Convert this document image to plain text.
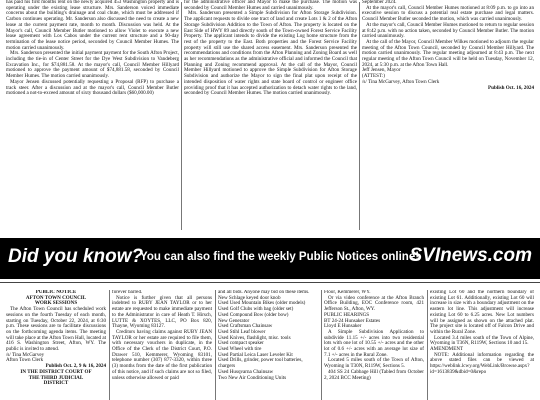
has paid his first months rent on the newly acquired 453 Washington property and is operating under the existing lease structure. Mrs. Sanderson voiced immediate concerns about the building's drainage and coal chute, which must be addressed if Carbon continues operating. Mr. Sanderson also discussed the need to create a new lease at the current payment rate, month to month. Discussion was held. At the Mayor's call, Council Member Butler motioned to allow Violet to execute a new lease agreement with Los Cabos under the current rent structure and a 90-day termination of the lease notice period, seconded by Council Member Humes. The motion carried unanimously.

Mrs. Sanderson presented the initial payment payment for the South Afton Project, including the tie-in of Center Street for the Dye West Subdivision to Vandeberg Excavation Inc., for $74,881.58. At the mayor's call, Council Member Hillyard motioned to approve the payment amount of $74,881.58, seconded by Council Member Humes. The motion carried unanimously.

Mayor Jensen discussed potentially requesting a Proposal (RFP) to purchase a track steer. After a discussion and at the mayor's call, Council Member Butler motioned a not-to-exceed amount of sixty thousand dollars ($60,000.00)

for the administrative officer and Mayor to make the purchase. The motion was seconded by Council Member Humes and carried unanimously.

Mrs. Sanderson presented a Simple Subdivision for Afton Storage Subdivision. The applicant requests to divide one tract of land and create Lots 1 & 2 of the Afton Storage Subdivision Addition to the Town of Afton. The property is located on the East Side of HWY 89 and directly south of the Town-owned Forest Service Facility Property. The applicant intends to divide the existing Log home structure from the rest of the property to the East. Both properties and the Forest Service Facility property will still use the shared access easement. Mrs. Sanderson presented the recommendations and conditions from the Afton Planning and Zoning Board as well as her recommendations as the administrative official and informed the Council that Planning and Zoning recommend approval. At the call of the Mayor, Council Member Hillyard motioned to approve the Simple Subdivision for Afton Storage Subdivision and authorize the Mayor to sign the final plat upon receipt of the intended disposition of water rights and state board of control or engineer office providing proof that it has accepted authorization to detach water rights to the land, seconded by Council Member Humes. The motion carried unanimously.

September 2024.

At the mayor's call, Council Member Humes motioned at 8:09 p.m. to go into an executive session to discuss a potential real estate purchase and legal matters. Council Member Butler seconded the motion, which was carried unanimously.

At the mayor's call, Council Member Humes motioned to return to regular session at 8:42 p.m. with no action taken, seconded by Council Member Butler. The motion carried unanimously.

At the call of the Mayor, Council Member Wilkes motioned to adjourn the regular meeting of the Afton Town Council, seconded by Council Member Hillyard. The motion carried unanimously. The regular meeting adjourned at 8:43 p.m. The next regular meeting of the Afton Town Council will be held on Tuesday, November 12, 2024, at 5:30 p.m. at the Afton Town Hall.

Jeff Jensen, Mayor

(ATTEST:)

/s/ Tina McGarvey, Afton Town Clerk

Publish Oct. 16, 2024

Did you know?
You can also find the weekly Public Notices online!
SVInews.com

PUBLIC NOTICE

AFTON TOWN COUNCIL

WORK SESSIONS

The Afton Town Council has scheduled work sessions on the fourth Tuesday of each month, starting on Tuesday, October 22, 2024, at 6:30 p.m. These sessions are to facilitate discussions on the forthcoming agenda items. The meeting will take place at the Afton Town Hall, located at 416 S. Washington Street, Afton, WY. The public is invited to attend.

/s/ Tina McGarvey

Afton Town Clerk

Publish Oct. 2, 9 & 16, 2024

IN THE DISTRICT COURT OF

THE THIRD JUDICIAL

DISTRICT

forever barred.

Notice is further given that all persons indebted to RUBY JEAN TAYLOR or to her estate are requested to make immediate payment to the Administrator in care of Heath T. Hirsch, LUTTE & XOYTES, LLC, PO Box 820, Thayne, Wyoming 83127.

Creditors having claims against RUBY JEAN TAYLOR or her estate are required to file them, with necessary vouchers in duplicate, in the Office of the Clerk of the District Court, P.O. Drawer 510, Kemmerer, Wyoming 83101, telephone number (307) 877-3320, within three (3) months from the date of the first publication of this notice, and if such claims are not so filed, unless otherwise allowed or paid

and all bids. Anyone may bid on these items.

New Schlage keyed door knob

Used Used Mountain Bikes (older models)

Used Golf Clubs with bag (older set)

Used Compound Bow (older bow)

New Generator

Used Craftsman Chainsaw

Used Stihl Leaf blower

Used Knives, flashlight, misc. tools

Used compact speaker

Used Wheel with tire

Used Partial Leica Laser Leveler Kit

Used Drills, grinder, power tool batteries, chargers

Used Husqvarna Chainsaw

Two New Air Conditioning Units

Floor, Kemmerer, WY.

Or via video conference at the Afton Branch Office Building, EOC Conference room, 421 Jefferson St., Afton, WY.

PUBLIC HEARINGS

BT 24-24 Hunsaker Estates

Lloyd E Hunsaker

A Simple Subdivision Application to subdivide 11.15 +/- acres into two residential lots with one lot of 10.55 +/- acres and the other lot of 0.6 +/- acres with an average lot size of 7.1 +/- acres in the Rural Zone.

Located 5 miles south of the Town of Afton, Wyoming in T30N, R119W, Sections 5.

404 SS 24 Cabbage Hill (Tabled from October 2, 2024 BCC Meeting)

existing Lot 60 and the northern boundary of existing Lot 61. Additionally, existing Lot 60 will increase in size with a boundary adjustment on the eastern lot line. This adjustment will increase existing Lot 60 to 6.25 acres. New Lot numbers will be assigned as shown on the attached plat. The project site is located off of Falcon Drive and within the Rural Zone.

Located 3.4 miles south of the Town of Alpine, Wyoming in T36N, R119W, Sections 10 and 15.

AMENDMENT

NOTE: Additional information regarding the above stated files can be viewed at https://weblink.lcwy.org/WebLink/Browse.aspx?id=1613839&dbid=0&repo
